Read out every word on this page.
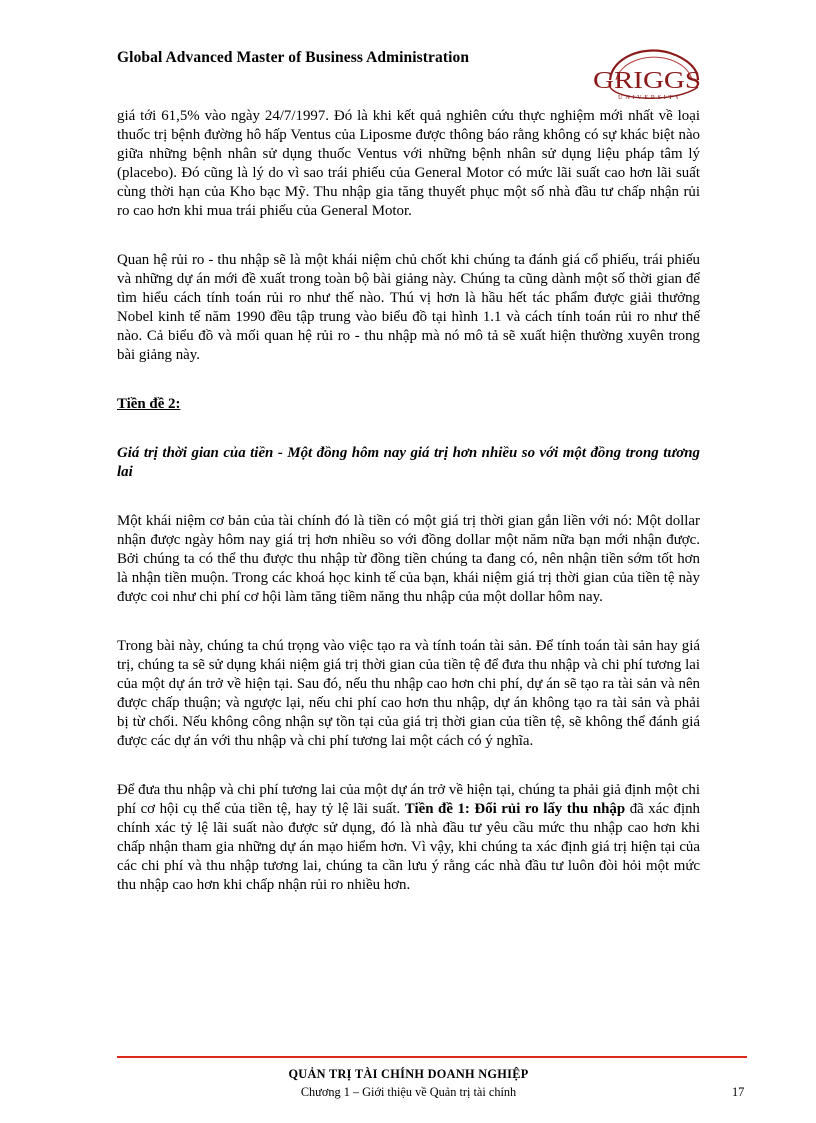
Global Advanced Master of Business Administration
GRIGGS
UNIVERSITY

giá tới 61,5% vào ngày 24/7/1997. Đó là khi kết quả nghiên cứu thực nghiệm mới nhất về loại thuốc trị bệnh đường hô hấp Ventus của Liposme được thông báo rằng không có sự khác biệt nào giữa những bệnh nhân sử dụng thuốc Ventus với những bệnh nhân sử dụng liệu pháp tâm lý (placebo). Đó cũng là lý do vì sao trái phiếu của General Motor có mức lãi suất cao hơn lãi suất cùng thời hạn của Kho bạc Mỹ. Thu nhập gia tăng thuyết phục một số nhà đầu tư chấp nhận rủi ro cao hơn khi mua trái phiếu của General Motor.

Quan hệ rủi ro - thu nhập sẽ là một khái niệm chủ chốt khi chúng ta đánh giá cổ phiếu, trái phiếu và những dự án mới đề xuất trong toàn bộ bài giảng này. Chúng ta cũng dành một số thời gian để tìm hiểu cách tính toán rủi ro như thế nào. Thú vị hơn là hầu hết tác phẩm được giải thưởng Nobel kinh tế năm 1990 đều tập trung vào biểu đồ tại hình 1.1 và cách tính toán rủi ro như thế nào. Cả biểu đồ và mối quan hệ rủi ro - thu nhập mà nó mô tả sẽ xuất hiện thường xuyên trong bài giảng này.

Tiền đề 2:

Giá trị thời gian của tiền - Một đồng hôm nay giá trị hơn nhiều so với một đồng trong tương lai

Một khái niệm cơ bản của tài chính đó là tiền có một giá trị thời gian gắn liền với nó: Một dollar nhận được ngày hôm nay giá trị hơn nhiều so với đồng dollar một năm nữa bạn mới nhận được. Bởi chúng ta có thể thu được thu nhập từ đồng tiền chúng ta đang có, nên nhận tiền sớm tốt hơn là nhận tiền muộn. Trong các khoá học kinh tế của bạn, khái niệm giá trị thời gian của tiền tệ này được coi như chi phí cơ hội làm tăng tiềm năng thu nhập của một dollar hôm nay.

Trong bài này, chúng ta chú trọng vào việc tạo ra và tính toán tài sản. Để tính toán tài sản hay giá trị, chúng ta sẽ sử dụng khái niệm giá trị thời gian của tiền tệ để đưa thu nhập và chi phí tương lai của một dự án trở về hiện tại. Sau đó, nếu thu nhập cao hơn chi phí, dự án sẽ tạo ra tài sản và nên được chấp thuận; và ngược lại, nếu chi phí cao hơn thu nhập, dự án không tạo ra tài sản và phải bị từ chối. Nếu không công nhận sự tồn tại của giá trị thời gian của tiền tệ, sẽ không thể đánh giá được các dự án với thu nhập và chi phí tương lai một cách có ý nghĩa.

Để đưa thu nhập và chi phí tương lai của một dự án trở về hiện tại, chúng ta phải giả định một chi phí cơ hội cụ thể của tiền tệ, hay tỷ lệ lãi suất. Tiền đề 1: Đổi rủi ro lấy thu nhập đã xác định chính xác tỷ lệ lãi suất nào được sử dụng, đó là nhà đầu tư yêu cầu mức thu nhập cao hơn khi chấp nhận tham gia những dự án mạo hiểm hơn. Vì vậy, khi chúng ta xác định giá trị hiện tại của các chi phí và thu nhập tương lai, chúng ta cần lưu ý rằng các nhà đầu tư luôn đòi hỏi một mức thu nhập cao hơn khi chấp nhận rủi ro nhiều hơn.

QUẢN TRỊ TÀI CHÍNH DOANH NGHIỆP
Chương 1 – Giới thiệu về Quản trị tài chính	17
